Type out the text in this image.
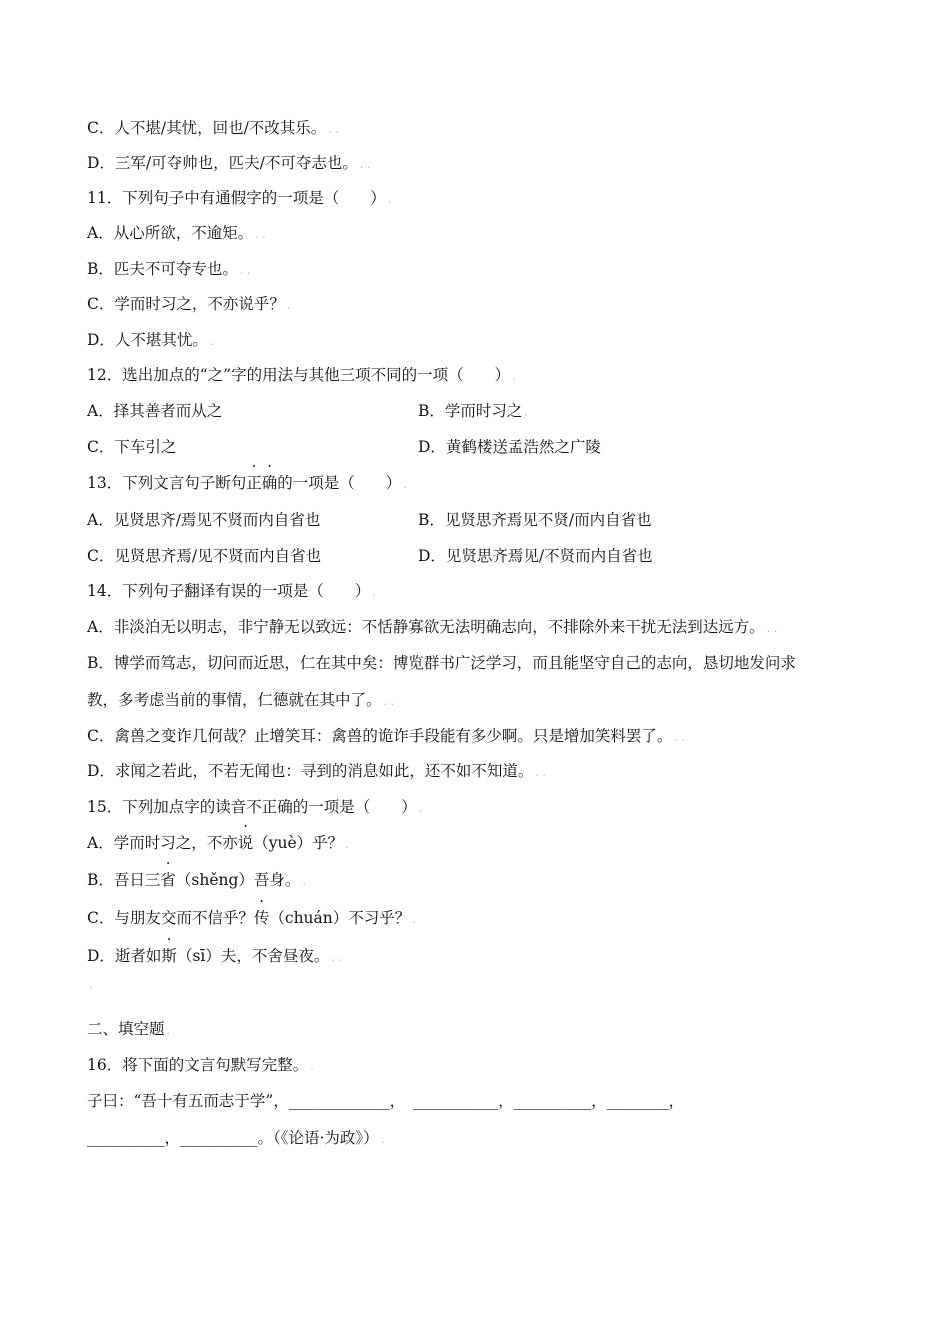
C．人不堪/其忧，回也/不改其乐。 . .
D．三军/可夺帅也，匹夫/不可夺志也。 . .
11．下列句子中有通假字的一项是（　　） .
A．从心所欲，不逾矩。 . .
B．匹夫不可夺专也。 . .
C．学而时习之，不亦说乎？ .
D．人不堪其忧。 .
12．选出加点的“之”字的用法与其他三项不同的一项（　　） .
A．择其善者而从之	B．学而时习之 .
C．下车引之	D．黄鹤楼送孟浩然之广陵
13．下列文言句子断句正确的一项是（　　） .
A．见贤思齐/焉见不贤而内自省也	B．见贤思齐焉见不贤/而内自省也
C．见贤思齐焉/见不贤而内自省也	D．见贤思齐焉见/不贤而内自省也
14．下列句子翻译有误的一项是（　　） .
A．非淡泊无以明志，非宁静无以致远：不恬静寡欲无法明确志向，不排除外来干扰无法到达远方。 . .
B．博学而笃志，切问而近思，仁在其中矣：博览群书广泛学习，而且能坚守自己的志向，恳切地发问求
教，多考虑当前的事情，仁德就在其中了。 . .
C．禽兽之变诈几何哉？止增笑耳：禽兽的诡诈手段能有多少啊。只是增加笑料罢了。 . .
D．求闻之若此，不若无闻也：寻到的消息如此，还不如不知道。 . .
15．下列加点字的读音不正确的一项是（　　） .
A．学而时习之，不亦说（yuè）乎？ .
B．吾日三省（shěng）吾身。 .
C．与朋友交而不信乎？传（chuán）不习乎？ .
D．逝者如斯（sī）夫，不舍昼夜。 . .
.
二、填空题 .
16．将下面的文言句默写完整。 .
子曰：“吾十有五而志于学”，_____________，　___________，__________，________，
__________，__________。（《论语·为政》） .
